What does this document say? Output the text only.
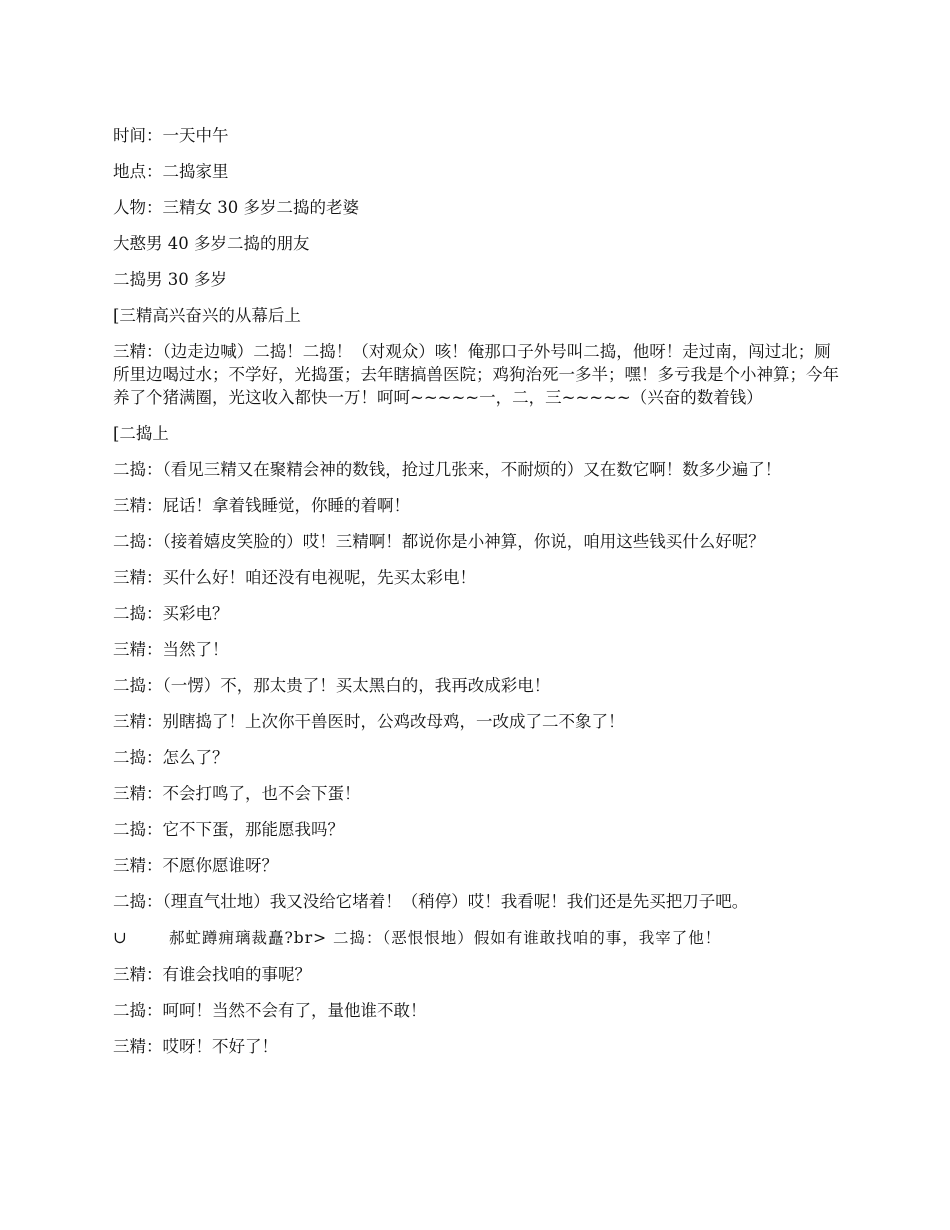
时间：一天中午

地点：二捣家里

人物：三精女 30 多岁二捣的老婆

大憨男 40 多岁二捣的朋友

二捣男 30 多岁

[三精高兴奋兴的从幕后上

三精：（边走边喊）二捣！二捣！（对观众）咳！俺那口子外号叫二捣，他呀！走过南，闯过北；厕所里边喝过水；不学好，光捣蛋；去年瞎搞兽医院；鸡狗治死一多半；嘿！多亏我是个小神算；今年养了个猪满圈，光这收入都快一万！呵呵~~~~~一，二，三~~~~~（兴奋的数着钱）

[二捣上

二捣：（看见三精又在聚精会神的数钱，抢过几张来，不耐烦的）又在数它啊！数多少遍了！

三精：屁话！拿着钱睡觉，你睡的着啊！

二捣：（接着嬉皮笑脸的）哎！三精啊！都说你是小神算，你说，咱用这些钱买什么好呢？

三精：买什么好！咱还没有电视呢，先买太彩电！

二捣：买彩电？

三精：当然了！

二捣：（一愣）不，那太贵了！买太黑白的，我再改成彩电！

三精：别瞎捣了！上次你干兽医时，公鸡改母鸡，一改成了二不象了！

二捣：怎么了？

三精：不会打鸣了，也不会下蛋！

二捣：它不下蛋，那能愿我吗？

三精：不愿你愿谁呀？

二捣：（理直气壮地）我又没给它堵着！（稍停）哎！我看呢！我们还是先买把刀子吧。

∪	郝虻蹲痈璃裁矗?br> 二捣：（恶恨恨地）假如有谁敢找咱的事，我宰了他！

三精：有谁会找咱的事呢？

二捣：呵呵！当然不会有了，量他谁不敢！

三精：哎呀！不好了！
